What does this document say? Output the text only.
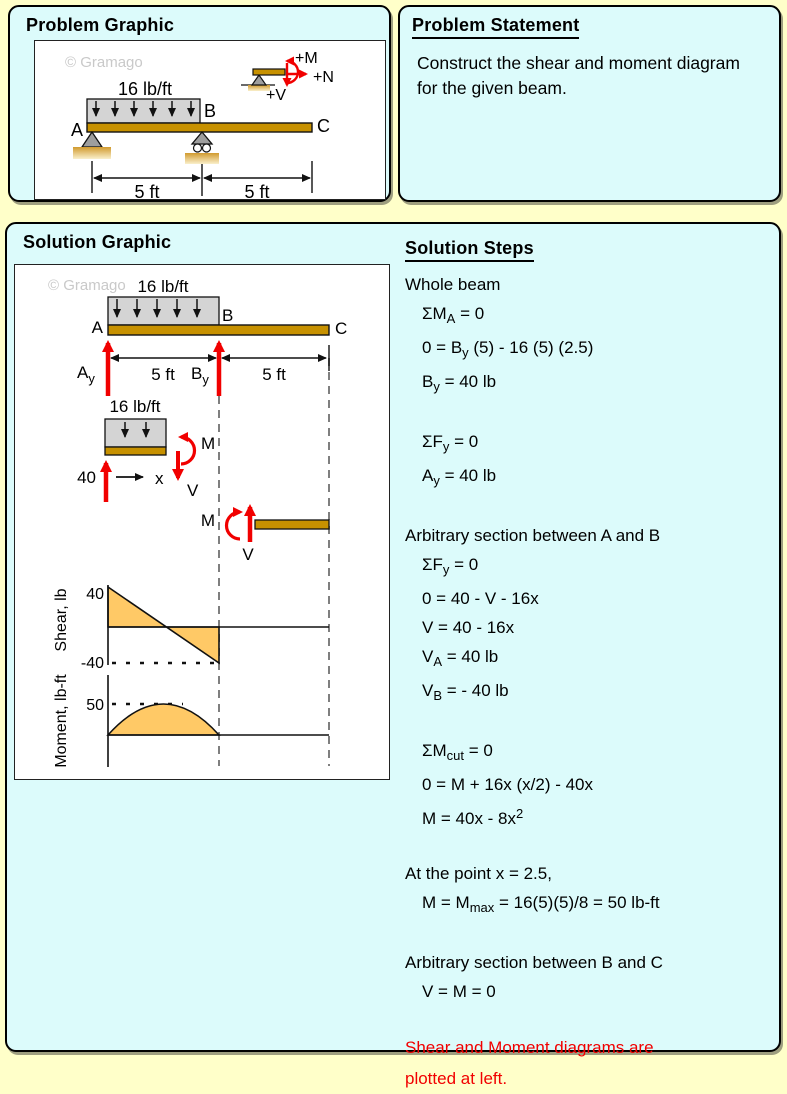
Problem Graphic
© Gramago	+M
+N
+V
16 lb/ft
A
B
C
5 ft	5 ft
Problem Statement
Construct the shear and moment diagram for the given beam.
Solution Graphic
© Gramago 16 lb/ft
A
B
C
$A_y$	$B_y$
5 ft	5 ft
16 lb/ft
40	x
M
V
M
V
Shear, lb 40
-40
Moment, lb-ft 50
Solution Steps
Whole beam
$\Sigma M_A = 0$
$0 = B_y$ (5) - 16 (5) (2.5)
$B_y = 40$ lb
$\Sigma F_y = 0$
$A_y = 40$ lb
Arbitrary section between A and B
$\Sigma F_y = 0$
0 = 40 - V - 16x
V = 40 - 16x
$V_A = 40$ lb
$V_B$ = - 40 lb
$\Sigma M_{cut} = 0$
0 = M + 16x (x/2) - 40x
$M = 40x - 8x^2$
At the point x = 2.5,
$M = M_{max} = 16(5)(5)/8 = 50$ lb-ft
Arbitrary section between B and C
V = M = 0
Shear and Moment diagrams are
plotted at left.
